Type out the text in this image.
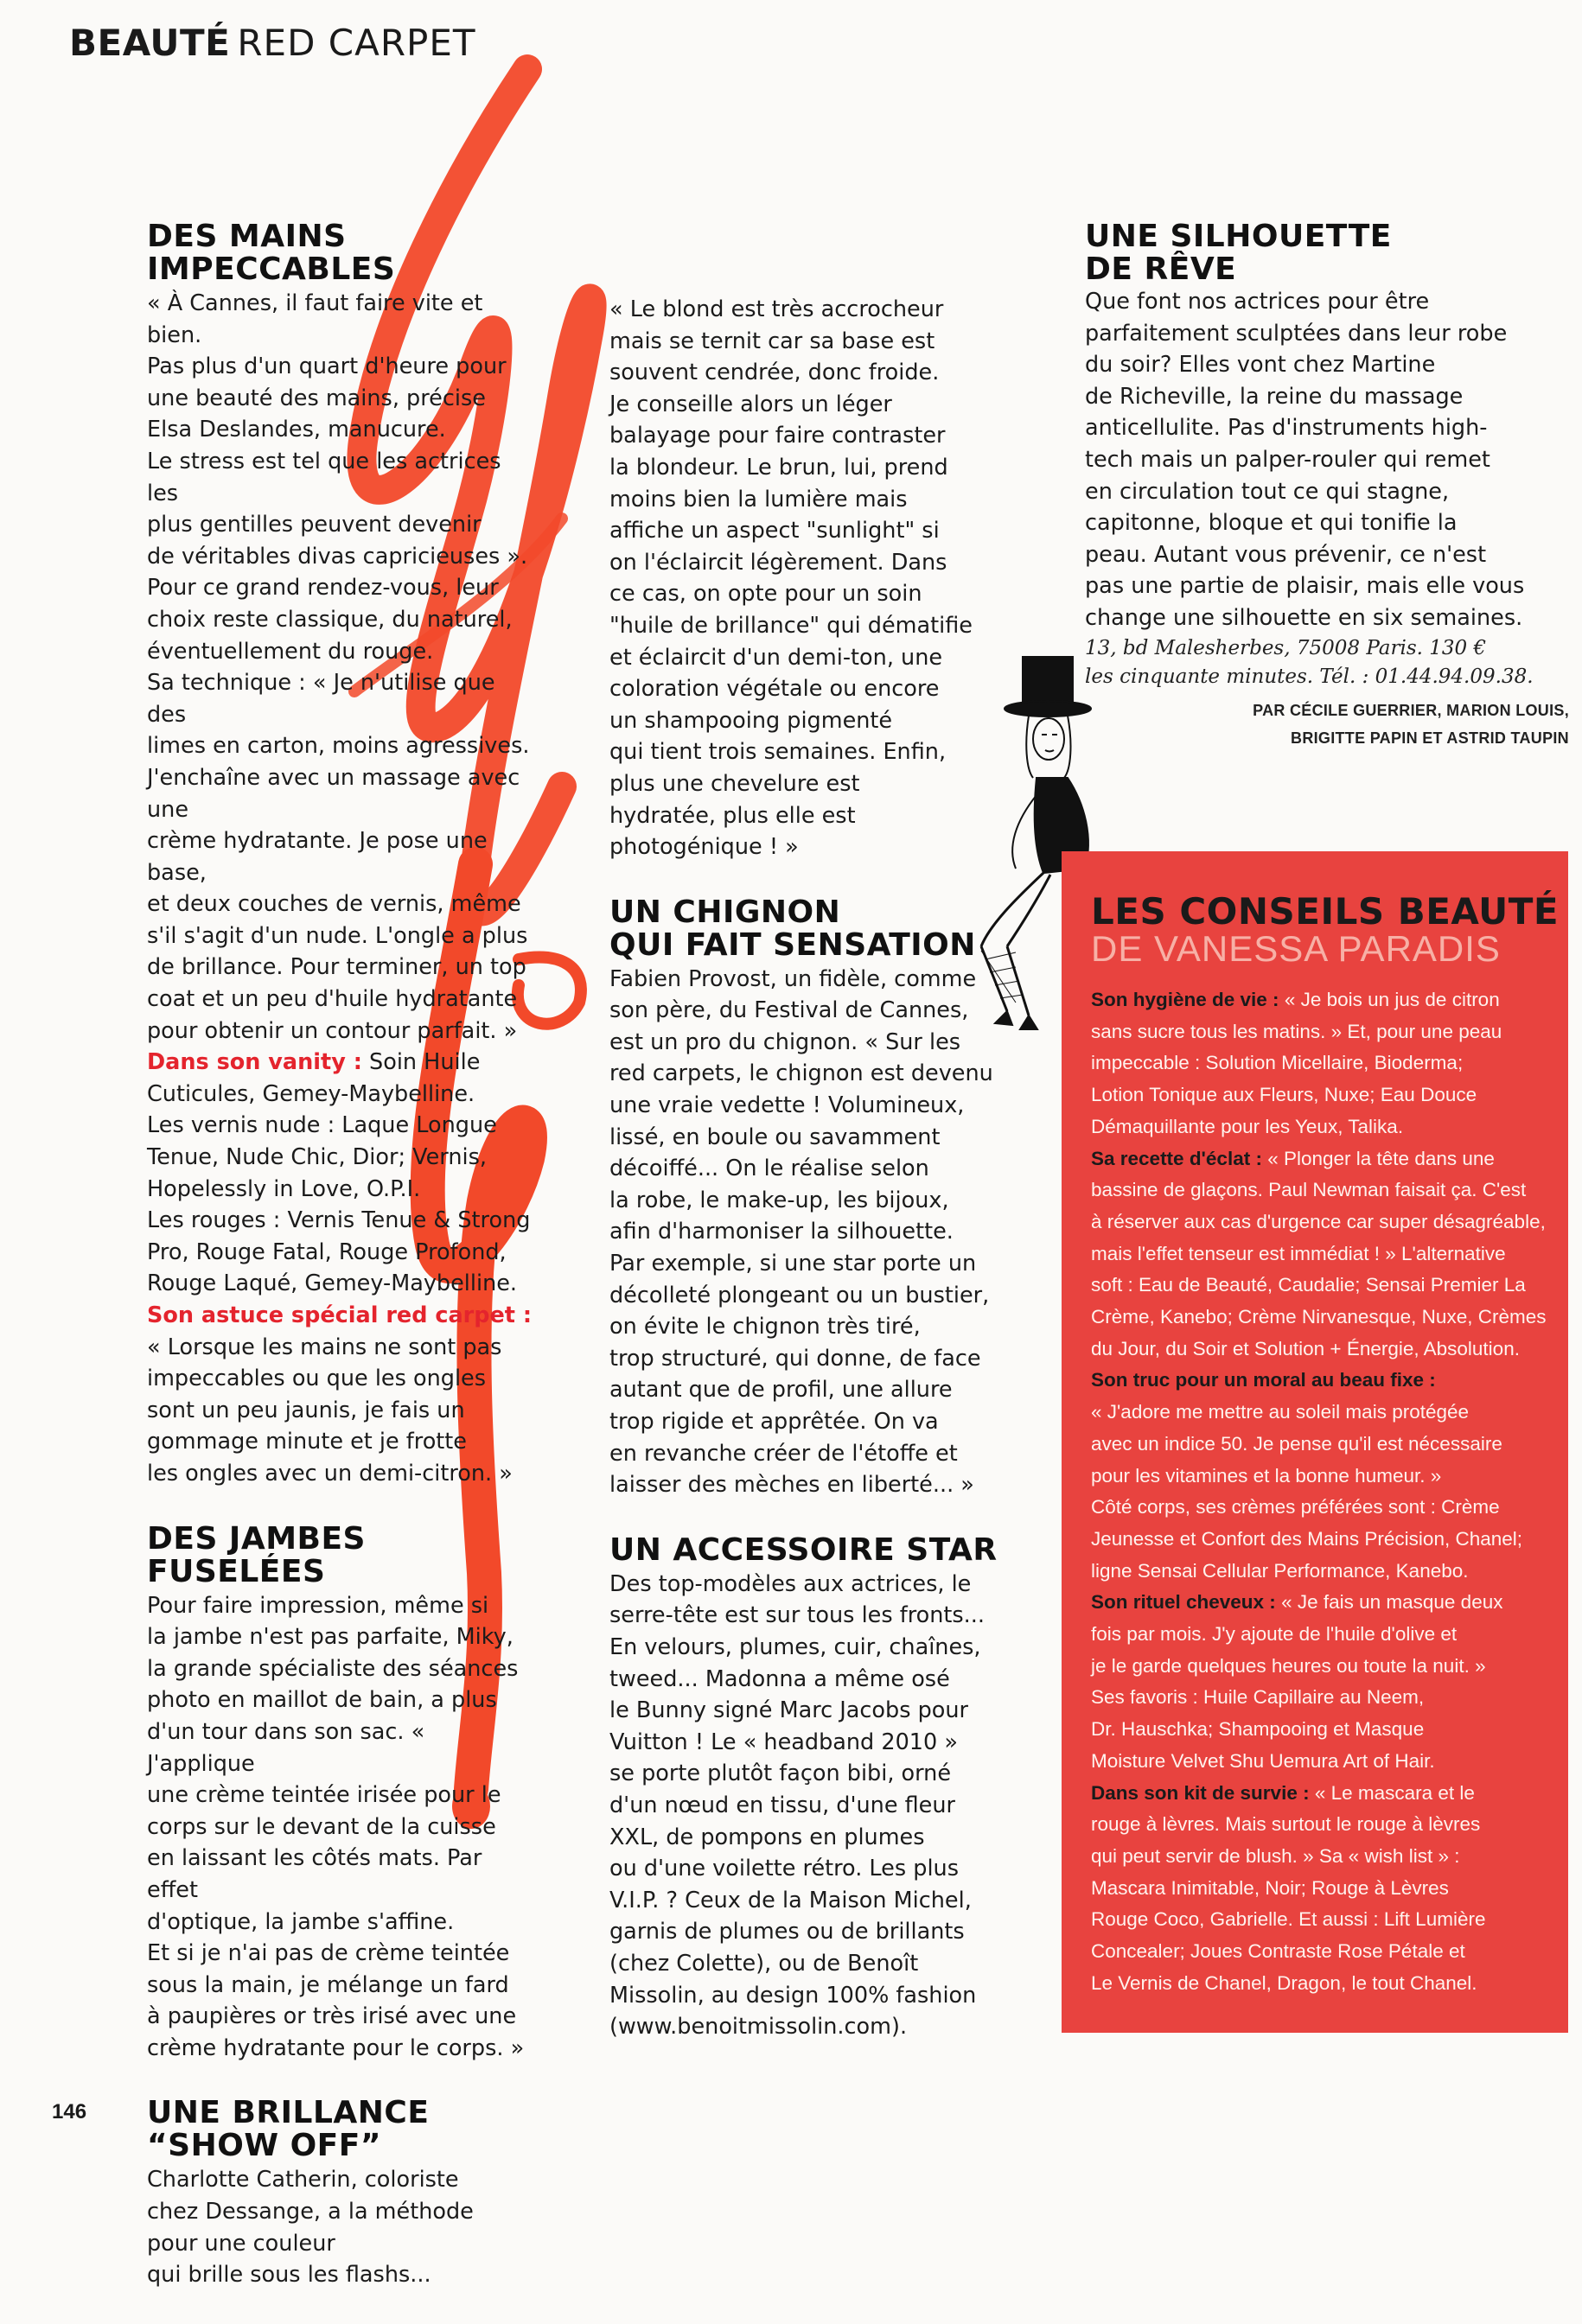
BEAUTÉ RED CARPET
DES MAINS
IMPECCABLES
« À Cannes, il faut faire vite et bien.
Pas plus d'un quart d'heure pour
une beauté des mains, précise
Elsa Deslandes, manucure.
Le stress est tel que les actrices les
plus gentilles peuvent devenir
de véritables divas capricieuses ».
Pour ce grand rendez-vous, leur
choix reste classique, du naturel,
éventuellement du rouge.
Sa technique : « Je n'utilise que des
limes en carton, moins agressives.
J'enchaîne avec un massage avec une
crème hydratante. Je pose une base,
et deux couches de vernis, même
s'il s'agit d'un nude. L'ongle a plus
de brillance. Pour terminer, un top
coat et un peu d'huile hydratante
pour obtenir un contour parfait. »
Dans son vanity : Soin Huile
Cuticules, Gemey-Maybelline.
Les vernis nude : Laque Longue
Tenue, Nude Chic, Dior; Vernis,
Hopelessly in Love, O.P.I.
Les rouges : Vernis Tenue & Strong
Pro, Rouge Fatal, Rouge Profond,
Rouge Laqué, Gemey-Maybelline.
Son astuce spécial red carpet :
« Lorsque les mains ne sont pas
impeccables ou que les ongles
sont un peu jaunis, je fais un
gommage minute et je frotte
les ongles avec un demi-citron. »
DES JAMBES FUSELÉES
Pour faire impression, même si
la jambe n'est pas parfaite, Miky,
la grande spécialiste des séances
photo en maillot de bain, a plus
d'un tour dans son sac. « J'applique
une crème teintée irisée pour le
corps sur le devant de la cuisse
en laissant les côtés mats. Par effet
d'optique, la jambe s'affine.
Et si je n'ai pas de crème teintée
sous la main, je mélange un fard
à paupières or très irisé avec une
crème hydratante pour le corps. »
UNE BRILLANCE
“SHOW OFF”
Charlotte Catherin, coloriste
chez Dessange, a la méthode
pour une couleur
qui brille sous les flashs...
« Le blond est très accrocheur
mais se ternit car sa base est
souvent cendrée, donc froide.
Je conseille alors un léger
balayage pour faire contraster
la blondeur. Le brun, lui, prend
moins bien la lumière mais
affiche un aspect "sunlight" si
on l'éclaircit légèrement. Dans
ce cas, on opte pour un soin
"huile de brillance" qui dématifie
et éclaircit d'un demi-ton, une
coloration végétale ou encore
un shampooing pigmenté
qui tient trois semaines. Enfin,
plus une chevelure est
hydratée, plus elle est
photogénique ! »
UN CHIGNON
QUI FAIT SENSATION
Fabien Provost, un fidèle, comme
son père, du Festival de Cannes,
est un pro du chignon. « Sur les
red carpets, le chignon est devenu
une vraie vedette ! Volumineux,
lissé, en boule ou savamment
décoiffé... On le réalise selon
la robe, le make-up, les bijoux,
afin d'harmoniser la silhouette.
Par exemple, si une star porte un
décolleté plongeant ou un bustier,
on évite le chignon très tiré,
trop structuré, qui donne, de face
autant que de profil, une allure
trop rigide et apprêtée. On va
en revanche créer de l'étoffe et
laisser des mèches en liberté... »
UN ACCESSOIRE STAR
Des top-modèles aux actrices, le
serre-tête est sur tous les fronts...
En velours, plumes, cuir, chaînes,
tweed... Madonna a même osé
le Bunny signé Marc Jacobs pour
Vuitton ! Le « headband 2010 »
se porte plutôt façon bibi, orné
d'un nœud en tissu, d'une fleur
XXL, de pompons en plumes
ou d'une voilette rétro. Les plus
V.I.P. ? Ceux de la Maison Michel,
garnis de plumes ou de brillants
(chez Colette), ou de Benoît
Missolin, au design 100% fashion
(www.benoitmissolin.com).
UNE SILHOUETTE
DE RÊVE
Que font nos actrices pour être
parfaitement sculptées dans leur robe
du soir? Elles vont chez Martine
de Richeville, la reine du massage
anticellulite. Pas d'instruments high-
tech mais un palper-rouler qui remet
en circulation tout ce qui stagne,
capitonne, bloque et qui tonifie la
peau. Autant vous prévenir, ce n'est
pas une partie de plaisir, mais elle vous
change une silhouette en six semaines.
13, bd Malesherbes, 75008 Paris. 130 €
les cinquante minutes. Tél. : 01.44.94.09.38.
PAR CÉCILE GUERRIER, MARION LOUIS,
BRIGITTE PAPIN ET ASTRID TAUPIN
LES CONSEILS BEAUTÉ
DE VANESSA PARADIS
Son hygiène de vie : « Je bois un jus de citron
sans sucre tous les matins. » Et, pour une peau
impeccable : Solution Micellaire, Bioderma;
Lotion Tonique aux Fleurs, Nuxe; Eau Douce
Démaquillante pour les Yeux, Talika.
Sa recette d'éclat : « Plonger la tête dans une
bassine de glaçons. Paul Newman faisait ça. C'est
à réserver aux cas d'urgence car super désagréable,
mais l'effet tenseur est immédiat ! » L'alternative
soft : Eau de Beauté, Caudalie; Sensai Premier La
Crème, Kanebo; Crème Nirvanesque, Nuxe, Crèmes
du Jour, du Soir et Solution + Énergie, Absolution.
Son truc pour un moral au beau fixe :
« J'adore me mettre au soleil mais protégée
avec un indice 50. Je pense qu'il est nécessaire
pour les vitamines et la bonne humeur. »
Côté corps, ses crèmes préférées sont : Crème
Jeunesse et Confort des Mains Précision, Chanel;
ligne Sensai Cellular Performance, Kanebo.
Son rituel cheveux : « Je fais un masque deux
fois par mois. J'y ajoute de l'huile d'olive et
je le garde quelques heures ou toute la nuit. »
Ses favoris : Huile Capillaire au Neem,
Dr. Hauschka; Shampooing et Masque
Moisture Velvet Shu Uemura Art of Hair.
Dans son kit de survie : « Le mascara et le
rouge à lèvres. Mais surtout le rouge à lèvres
qui peut servir de blush. » Sa « wish list » :
Mascara Inimitable, Noir; Rouge à Lèvres
Rouge Coco, Gabrielle. Et aussi : Lift Lumière
Concealer; Joues Contraste Rose Pétale et
Le Vernis de Chanel, Dragon, le tout Chanel.
146
